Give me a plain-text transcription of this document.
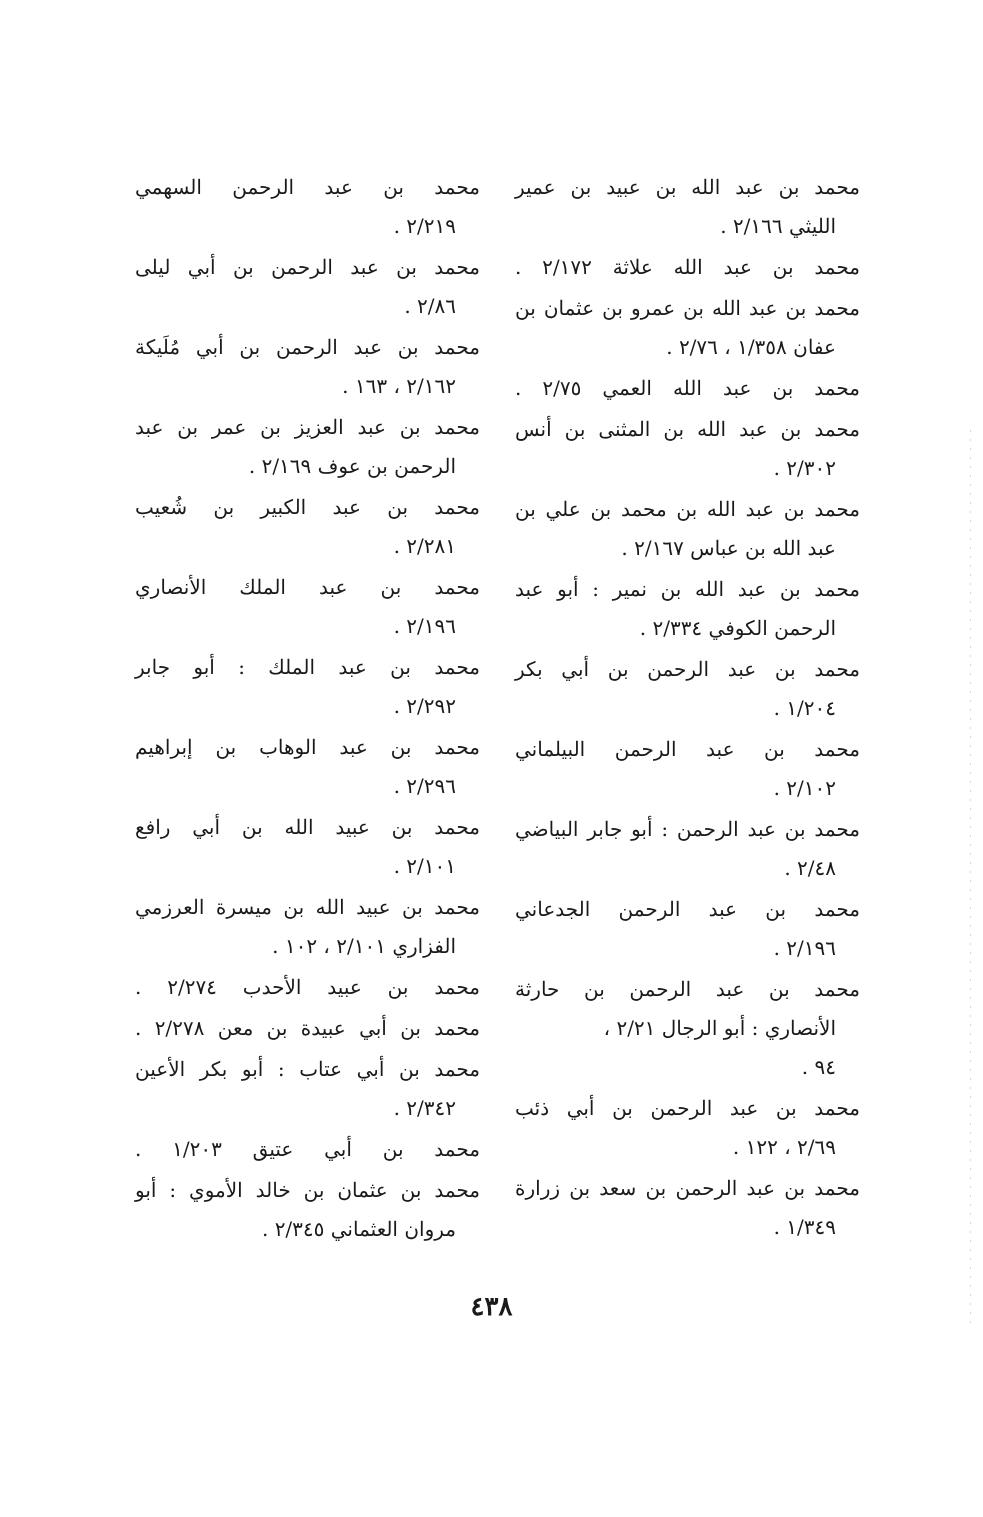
محمد بن عبد الله بن عبيد بن عمير
الليثي ٢/١٦٦ .
محمد بن عبد الله علاثة ٢/١٧٢ .
محمد بن عبد الله بن عمرو بن عثمان بن
عفان ١/٣٥٨ ، ٢/٧٦ .
محمد بن عبد الله العمي ٢/٧٥ .
محمد بن عبد الله بن المثنى بن أنس
٢/٣٠٢ .
محمد بن عبد الله بن محمد بن علي بن
عبد الله بن عباس ٢/١٦٧ .
محمد بن عبد الله بن نمير : أبو عبد
الرحمن الكوفي ٢/٣٣٤ .
محمد بن عبد الرحمن بن أبي بكر
١/٢٠٤ .
محمد بن عبد الرحمن البيلماني
٢/١٠٢ .
محمد بن عبد الرحمن : أبو جابر البياضي
٢/٤٨ .
محمد بن عبد الرحمن الجدعاني
٢/١٩٦ .
محمد بن عبد الرحمن بن حارثة
الأنصاري : أبو الرجال ٢/٢١ ،
٩٤ .
محمد بن عبد الرحمن بن أبي ذئب
٢/٦٩ ، ١٢٢ .
محمد بن عبد الرحمن بن سعد بن زرارة
١/٣٤٩ .
محمد بن عبد الرحمن السهمي
٢/٢١٩ .
محمد بن عبد الرحمن بن أبي ليلى
٢/٨٦ .
محمد بن عبد الرحمن بن أبي مُلَيكة
٢/١٦٢ ، ١٦٣ .
محمد بن عبد العزيز بن عمر بن عبد
الرحمن بن عوف ٢/١٦٩ .
محمد بن عبد الكبير بن شُعيب
٢/٢٨١ .
محمد بن عبد الملك الأنصاري
٢/١٩٦ .
محمد بن عبد الملك : أبو جابر
٢/٢٩٢ .
محمد بن عبد الوهاب بن إبراهيم
٢/٢٩٦ .
محمد بن عبيد الله بن أبي رافع
٢/١٠١ .
محمد بن عبيد الله بن ميسرة العرزمي
الفزاري ٢/١٠١ ، ١٠٢ .
محمد بن عبيد الأحدب ٢/٢٧٤ .
محمد بن أبي عبيدة بن معن ٢/٢٧٨ .
محمد بن أبي عتاب : أبو بكر الأعين
٢/٣٤٢ .
محمد بن أبي عتيق ١/٢٠٣ .
محمد بن عثمان بن خالد الأموي : أبو
مروان العثماني ٢/٣٤٥ .
٤٣٨
